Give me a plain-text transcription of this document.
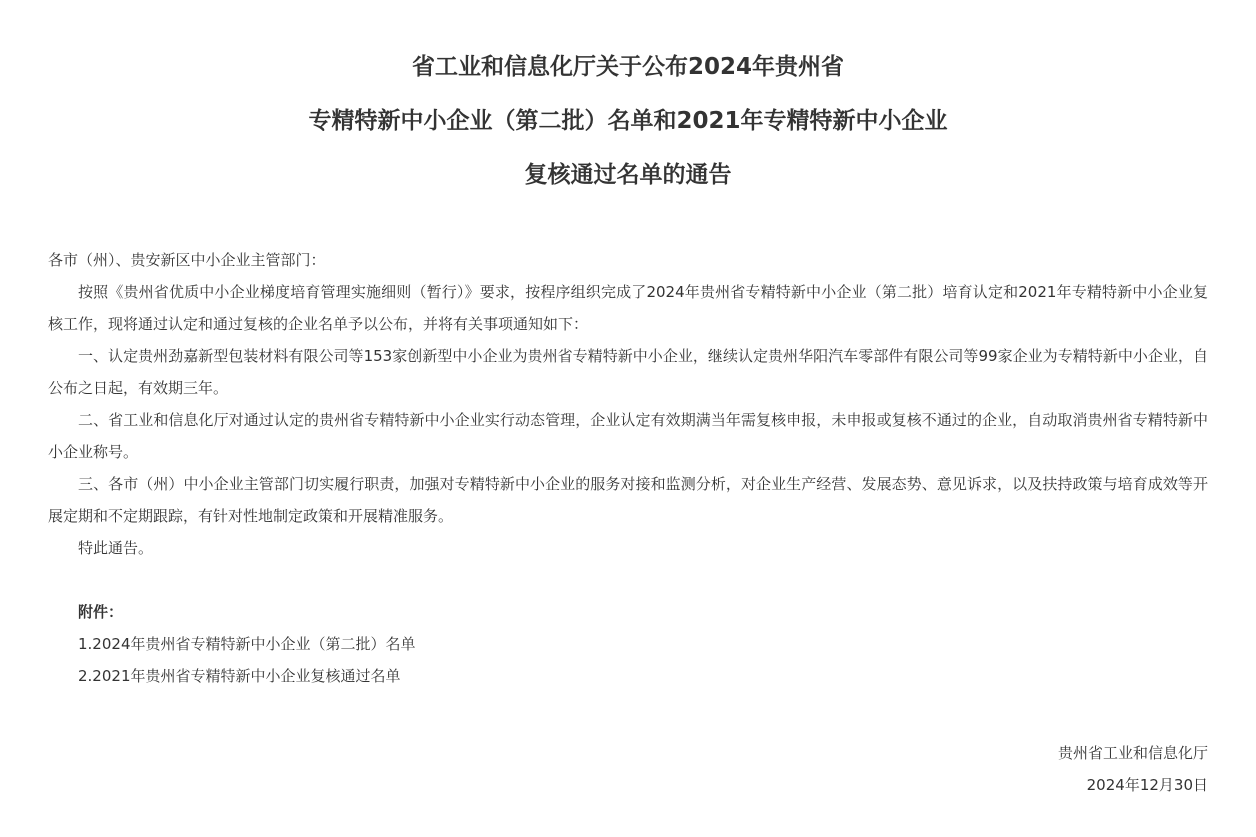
省工业和信息化厅关于公布2024年贵州省
专精特新中小企业（第二批）名单和2021年专精特新中小企业
复核通过名单的通告

各市（州）、贵安新区中小企业主管部门：

按照《贵州省优质中小企业梯度培育管理实施细则（暂行）》要求，按程序组织完成了2024年贵州省专精特新中小企业（第二批）培育认定和2021年专精特新中小企业复核工作，现将通过认定和通过复核的企业名单予以公布，并将有关事项通知如下：

一、认定贵州劲嘉新型包装材料有限公司等153家创新型中小企业为贵州省专精特新中小企业，继续认定贵州华阳汽车零部件有限公司等99家企业为专精特新中小企业，自公布之日起，有效期三年。

二、省工业和信息化厅对通过认定的贵州省专精特新中小企业实行动态管理，企业认定有效期满当年需复核申报，未申报或复核不通过的企业，自动取消贵州省专精特新中小企业称号。

三、各市（州）中小企业主管部门切实履行职责，加强对专精特新中小企业的服务对接和监测分析，对企业生产经营、发展态势、意见诉求，以及扶持政策与培育成效等开展定期和不定期跟踪，有针对性地制定政策和开展精准服务。

特此通告。

附件：

1.2024年贵州省专精特新中小企业（第二批）名单

2.2021年贵州省专精特新中小企业复核通过名单

贵州省工业和信息化厅
2024年12月30日
